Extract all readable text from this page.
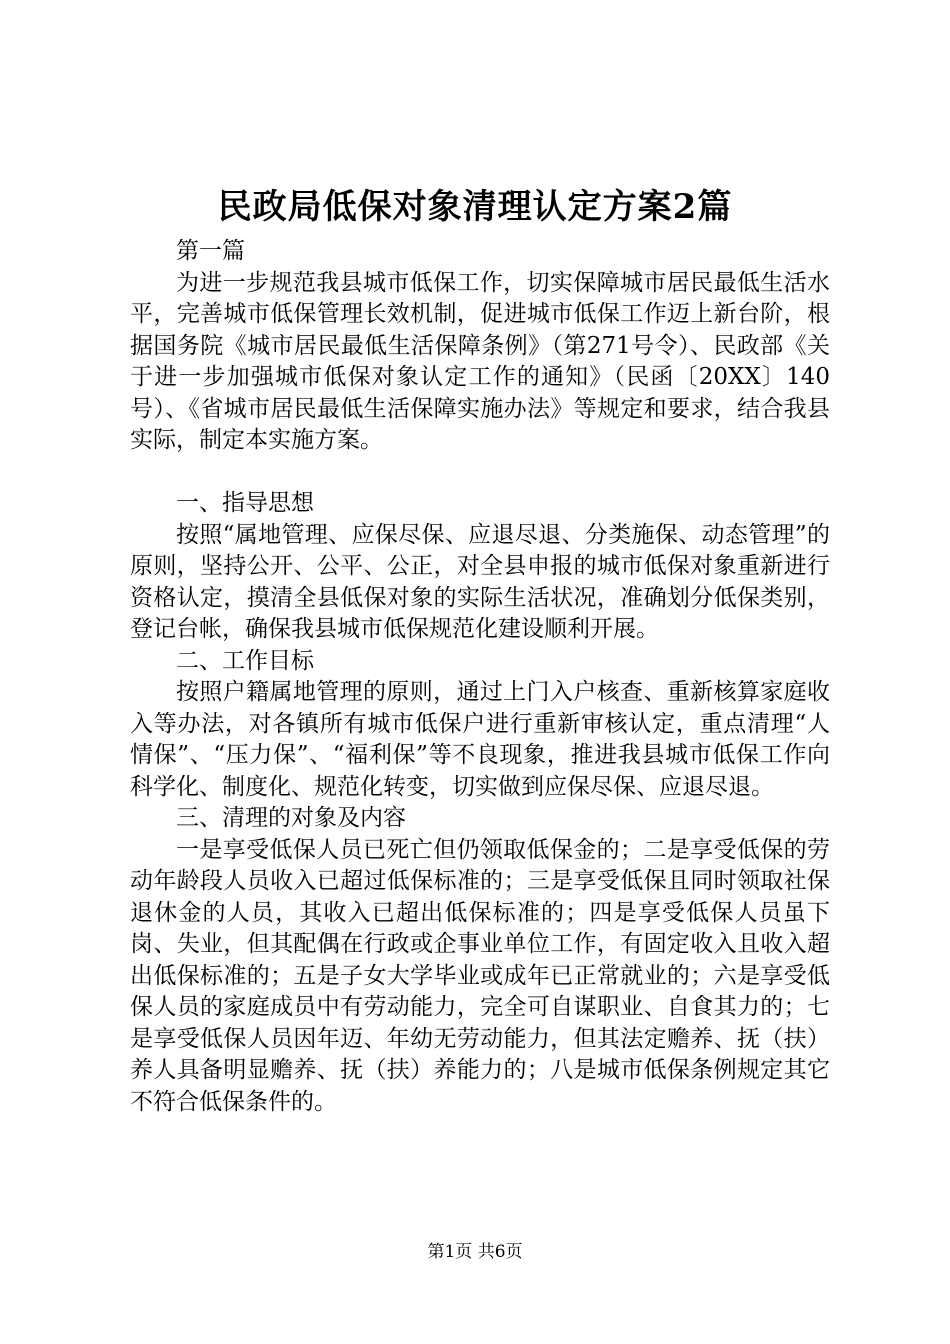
民政局低保对象清理认定方案2篇

第一篇

为进一步规范我县城市低保工作，切实保障城市居民最低生活水平，完善城市低保管理长效机制，促进城市低保工作迈上新台阶，根据国务院《城市居民最低生活保障条例》（第271号令）、民政部《关于进一步加强城市低保对象认定工作的通知》（民函〔20XX〕140号）、《省城市居民最低生活保障实施办法》等规定和要求，结合我县实际，制定本实施方案。

一、指导思想

按照“属地管理、应保尽保、应退尽退、分类施保、动态管理”的原则，坚持公开、公平、公正，对全县申报的城市低保对象重新进行资格认定，摸清全县低保对象的实际生活状况，准确划分低保类别，登记台帐，确保我县城市低保规范化建设顺利开展。

二、工作目标

按照户籍属地管理的原则，通过上门入户核查、重新核算家庭收入等办法，对各镇所有城市低保户进行重新审核认定，重点清理“人情保”、“压力保”、“福利保”等不良现象，推进我县城市低保工作向科学化、制度化、规范化转变，切实做到应保尽保、应退尽退。

三、清理的对象及内容

一是享受低保人员已死亡但仍领取低保金的；二是享受低保的劳动年龄段人员收入已超过低保标准的；三是享受低保且同时领取社保退休金的人员，其收入已超出低保标准的；四是享受低保人员虽下岗、失业，但其配偶在行政或企事业单位工作，有固定收入且收入超出低保标准的；五是子女大学毕业或成年已正常就业的；六是享受低保人员的家庭成员中有劳动能力，完全可自谋职业、自食其力的；七是享受低保人员因年迈、年幼无劳动能力，但其法定赡养、抚（扶）养人具备明显赡养、抚（扶）养能力的；八是城市低保条例规定其它不符合低保条件的。

第1页 共6页
